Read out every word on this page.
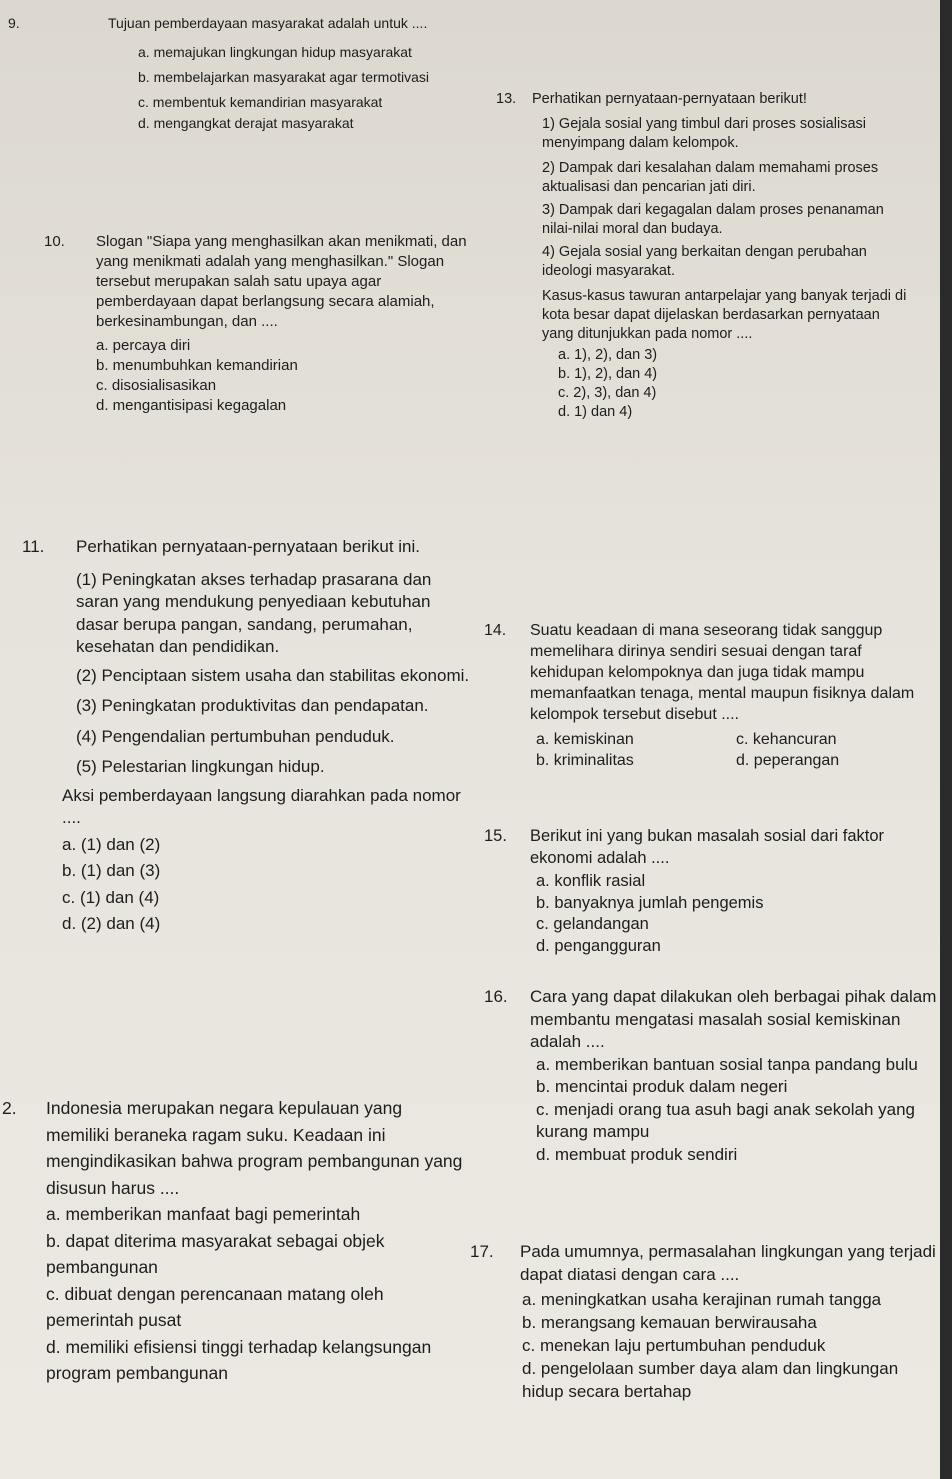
9.	Tujuan pemberdayaan masyarakat adalah untuk ....
a. memajukan lingkungan hidup masyarakat
b. membelajarkan masyarakat agar termotivasi
c. membentuk kemandirian masyarakat
d. mengangkat derajat masyarakat
10. Slogan "Siapa yang menghasilkan akan menikmati, dan yang menikmati adalah yang menghasilkan." Slogan tersebut merupakan salah satu upaya agar pemberdayaan dapat berlangsung secara alamiah, berkesinambungan, dan ....
a. percaya diri
b. menumbuhkan kemandirian
c. disosialisasikan
d. mengantisipasi kegagalan
11. Perhatikan pernyataan-pernyataan berikut ini.
(1) Peningkatan akses terhadap prasarana dan saran yang mendukung penyediaan kebutuhan dasar berupa pangan, sandang, perumahan, kesehatan dan pendidikan.
(2) Penciptaan sistem usaha dan stabilitas ekonomi.
(3) Peningkatan produktivitas dan pendapatan.
(4) Pengendalian pertumbuhan penduduk.
(5) Pelestarian lingkungan hidup.
Aksi pemberdayaan langsung diarahkan pada nomor ....
a. (1) dan (2)
b. (1) dan (3)
c. (1) dan (4)
d. (2) dan (4)
2. Indonesia merupakan negara kepulauan yang memiliki beraneka ragam suku. Keadaan ini mengindikasikan bahwa program pembangunan yang disusun harus ....
a. memberikan manfaat bagi pemerintah
b. dapat diterima masyarakat sebagai objek pembangunan
c. dibuat dengan perencanaan matang oleh pemerintah pusat
d. memiliki efisiensi tinggi terhadap kelangsungan program pembangunan
13. Perhatikan pernyataan-pernyataan berikut!
1) Gejala sosial yang timbul dari proses sosialisasi menyimpang dalam kelompok.
2) Dampak dari kesalahan dalam memahami proses aktualisasi dan pencarian jati diri.
3) Dampak dari kegagalan dalam proses penanaman nilai-nilai moral dan budaya.
4) Gejala sosial yang berkaitan dengan perubahan ideologi masyarakat.
Kasus-kasus tawuran antarpelajar yang banyak terjadi di kota besar dapat dijelaskan berdasarkan pernyataan yang ditunjukkan pada nomor ....
a. 1), 2), dan 3)
b. 1), 2), dan 4)
c. 2), 3), dan 4)
d. 1) dan 4)
14. Suatu keadaan di mana seseorang tidak sanggup memelihara dirinya sendiri sesuai dengan taraf kehidupan kelompoknya dan juga tidak mampu memanfaatkan tenaga, mental maupun fisiknya dalam kelompok tersebut disebut ....
a. kemiskinan	c. kehancuran
b. kriminalitas	d. peperangan
15. Berikut ini yang bukan masalah sosial dari faktor ekonomi adalah ....
a. konflik rasial
b. banyaknya jumlah pengemis
c. gelandangan
d. pengangguran
16. Cara yang dapat dilakukan oleh berbagai pihak dalam membantu mengatasi masalah sosial kemiskinan adalah ....
a. memberikan bantuan sosial tanpa pandang bulu
b. mencintai produk dalam negeri
c. menjadi orang tua asuh bagi anak sekolah yang kurang mampu
d. membuat produk sendiri
17. Pada umumnya, permasalahan lingkungan yang terjadi dapat diatasi dengan cara ....
a. meningkatkan usaha kerajinan rumah tangga
b. merangsang kemauan berwirausaha
c. menekan laju pertumbuhan penduduk
d. pengelolaan sumber daya alam dan lingkungan hidup secara bertahap
